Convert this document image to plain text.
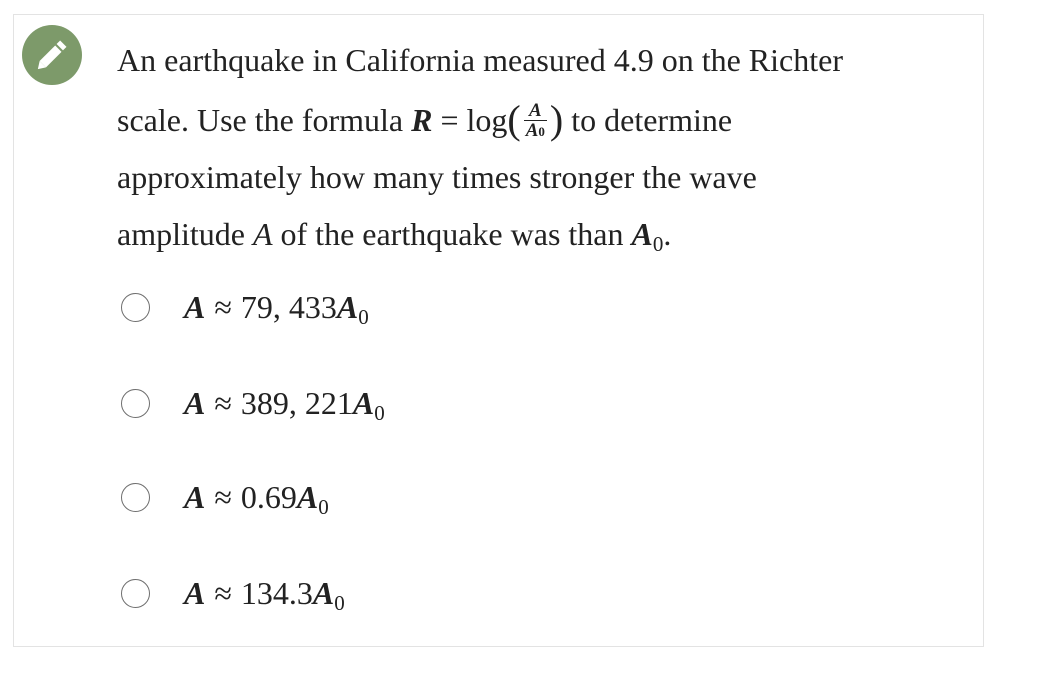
An earthquake in California measured 4.9 on the Richter
scale. Use the formula $R = \log( \frac{A}{A0}$ ) to determine
approximately how many times stronger the wave
amplitude A of the earthquake was than A0.
A ≈ 79, 433A0
A ≈ 389, 221A0
A ≈ 0.69A0
A ≈ 134.3A0
